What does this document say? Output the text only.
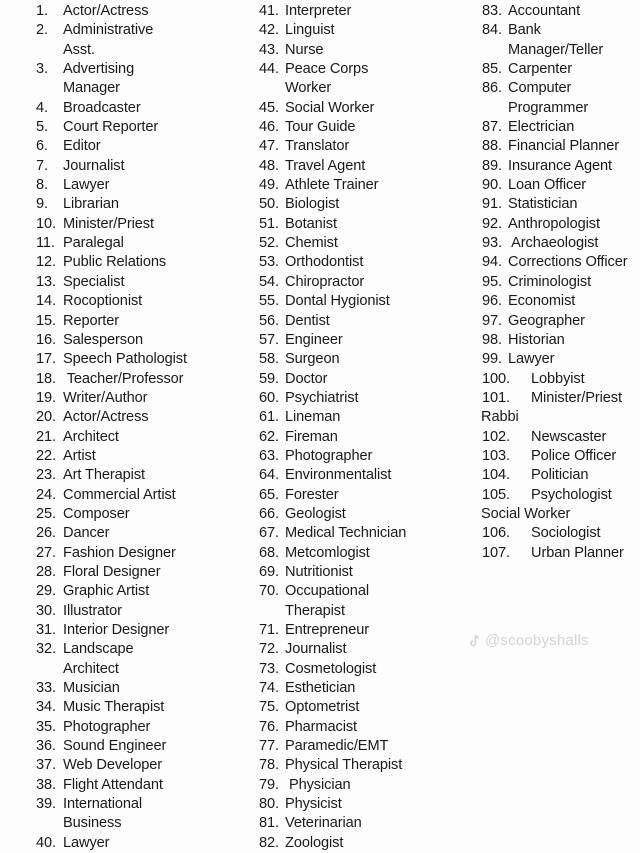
1.	Actor/Actress
2.	Administrative
Asst.
3.	Advertising
Manager
4.	Broadcaster
5.	Court Reporter
6.	Editor
7.	Journalist
8.	Lawyer
9.	Librarian
10. Minister/Priest
11. Paralegal
12. Public Relations
13. Specialist
14. Rocoptionist
15. Reporter
16. Salesperson
17. Speech Pathologist
18. Teacher/Professor
19. Writer/Author
20. Actor/Actress
21. Architect
22. Artist
23. Art Therapist
24. Commercial Artist
25. Composer
26. Dancer
27. Fashion Designer
28. Floral Designer
29. Graphic Artist
30. Illustrator
31. Interior Designer
32. Landscape
Architect
33. Musician
34. Music Therapist
35. Photographer
36. Sound Engineer
37. Web Developer
38. Flight Attendant
39. International
Business
40. Lawyer
41. Interpreter
42. Linguist
43. Nurse
44. Peace Corps
Worker
45. Social Worker
46. Tour Guide
47. Translator
48. Travel Agent
49. Athlete Trainer
50. Biologist
51. Botanist
52. Chemist
53. Orthodontist
54. Chiropractor
55. Dontal Hygionist
56. Dentist
57. Engineer
58. Surgeon
59. Doctor
60. Psychiatrist
61. Lineman
62. Fireman
63. Photographer
64. Environmentalist
65. Forester
66. Geologist
67. Medical Technician
68. Metcomlogist
69. Nutritionist
70. Occupational
Therapist
71. Entrepreneur
72. Journalist
73. Cosmetologist
74. Esthetician
75. Optometrist
76. Pharmacist
77. Paramedic/EMT
78. Physical Therapist
79. Physician
80. Physicist
81. Veterinarian
82. Zoologist
83. Accountant
84. Bank
Manager/Teller
85. Carpenter
86. Computer
Programmer
87. Electrician
88. Financial Planner
89. Insurance Agent
90. Loan Officer
91. Statistician
92. Anthropologist
93. Archaeologist
94. Corrections Officer
95. Criminologist
96. Economist
97. Geographer
98. Historian
99. Lawyer
100.	Lobbyist
101.	Minister/Priest
Rabbi
102.	Newscaster
103.	Police Officer
104.	Politician
105.	Psychologist
Social Worker
106.	Sociologist
107.	Urban Planner
@scoobyshalls
